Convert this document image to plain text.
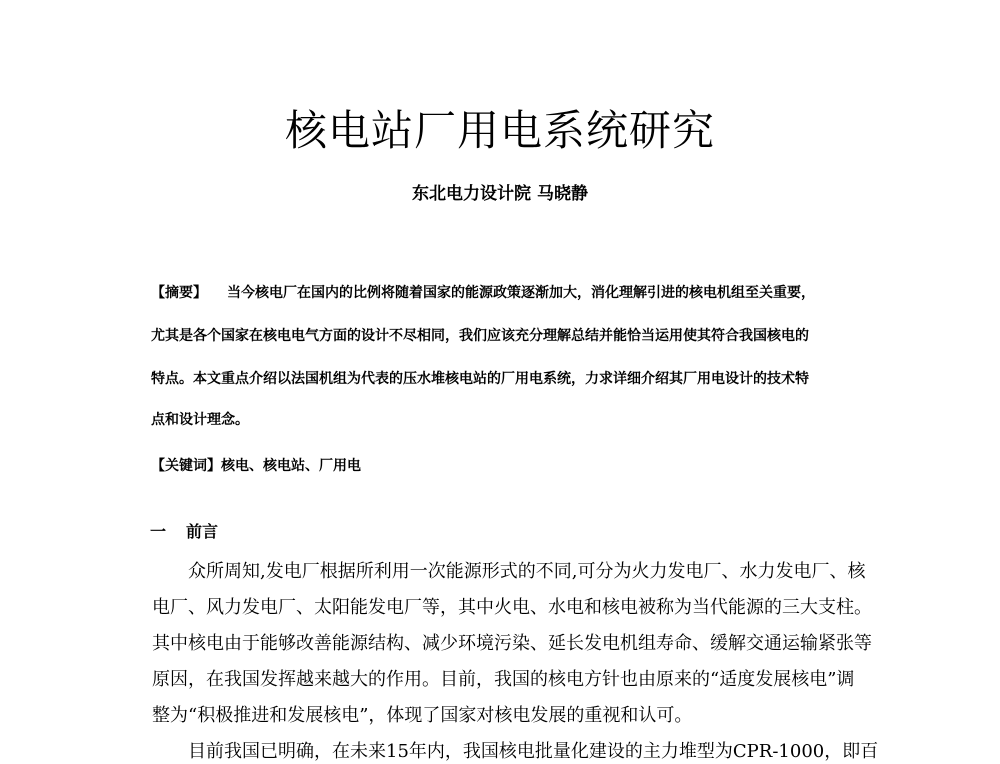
核电站厂用电系统研究
东北电力设计院 马晓静
【摘要】 当今核电厂在国内的比例将随着国家的能源政策逐渐加大，消化理解引进的核电机组至关重要，
尤其是各个国家在核电电气方面的设计不尽相同，我们应该充分理解总结并能恰当运用使其符合我国核电的
特点。本文重点介绍以法国机组为代表的压水堆核电站的厂用电系统，力求详细介绍其厂用电设计的技术特
点和设计理念。
【关键词】核电、核电站、厂用电
一 前言
众所周知,发电厂根据所利用一次能源形式的不同,可分为火力发电厂、水力发电厂、核
电厂、风力发电厂、太阳能发电厂等，其中火电、水电和核电被称为当代能源的三大支柱。
其中核电由于能够改善能源结构、减少环境污染、延长发电机组寿命、缓解交通运输紧张等
原因，在我国发挥越来越大的作用。目前，我国的核电方针也由原来的“适度发展核电”调
整为“积极推进和发展核电”，体现了国家对核电发展的重视和认可。
目前我国已明确，在未来15年内，我国核电批量化建设的主力堆型为CPR-1000，即百
